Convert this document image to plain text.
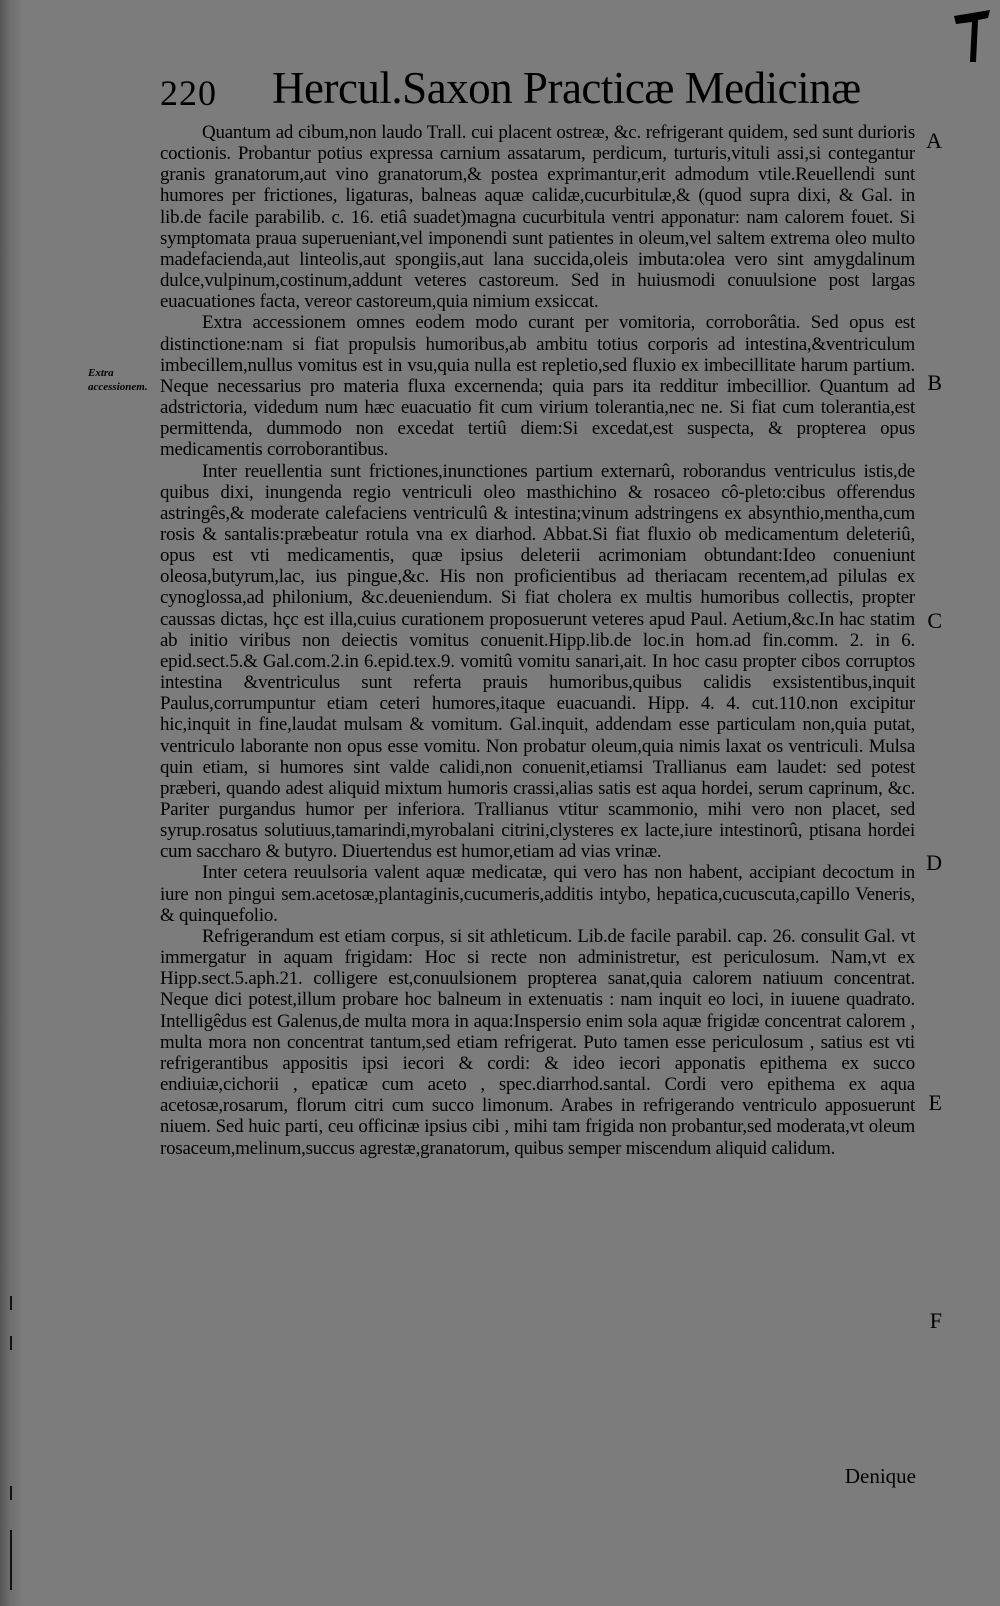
220 Hercul.Saxon Practicæ Medicinæ
Extra accessionem.
A
B
C
D
E
F

Quantum ad cibum,non laudo Trall. cui placent ostreæ, &c. refrigerant quidem, sed sunt durioris coctionis. Probantur potius expressa carnium assatarum, perdicum, turturis,vituli assi,si contegantur granis granatorum,aut vino granatorum,& postea exprimantur,erit admodum vtile.Reuellendi sunt humores per frictiones, ligaturas, balneas aquæ calidæ,cucurbitulæ,& (quod supra dixi, & Gal. in lib.de facile parabilib. c. 16. etiâ suadet)magna cucurbitula ventri apponatur: nam calorem fouet. Si symptomata praua superueniant,vel imponendi sunt patientes in oleum,vel saltem extrema oleo multo madefacienda,aut linteolis,aut spongiis,aut lana succida,oleis imbuta:olea vero sint amygdalinum dulce,vulpinum,costinum,addunt veteres castoreum. Sed in huiusmodi conuulsione post largas euacuationes facta, vereor castoreum,quia nimium exsiccat.

Extra accessionem omnes eodem modo curant per vomitoria, corroborâtia. Sed opus est distinctione:nam si fiat propulsis humoribus,ab ambitu totius corporis ad intestina,&ventriculum imbecillem,nullus vomitus est in vsu,quia nulla est repletio,sed fluxio ex imbecillitate harum partium. Neque necessarius pro materia fluxa excernenda; quia pars ita redditur imbecillior. Quantum ad adstrictoria, videdum num hæc euacuatio fit cum virium tolerantia,nec ne. Si fiat cum tolerantia,est permittenda, dummodo non excedat tertiû diem:Si excedat,est suspecta, & propterea opus medicamentis corroborantibus.

Inter reuellentia sunt frictiones,inunctiones partium externarû, roborandus ventriculus istis,de quibus dixi, inungenda regio ventriculi oleo masthichino & rosaceo cô-pleto:cibus offerendus astringês,& moderate calefaciens ventriculû & intestina;vinum adstringens ex absynthio,mentha,cum rosis & santalis:præbeatur rotula vna ex diarhod. Abbat.Si fiat fluxio ob medicamentum deleteriû, opus est vti medicamentis, quæ ipsius deleterii acrimoniam obtundant:Ideo conueniunt oleosa,butyrum,lac, ius pingue,&c. His non proficientibus ad theriacam recentem,ad pilulas ex cynoglossa,ad philonium, &c.deueniendum. Si fiat cholera ex multis humoribus collectis, propter caussas dictas, hçc est illa,cuius curationem proposuerunt veteres apud Paul. Aetium,&c.In hac statim ab initio viribus non deiectis vomitus conuenit.Hipp.lib.de loc.in hom.ad fin.comm. 2. in 6. epid.sect.5.& Gal.com.2.in 6.epid.tex.9. vomitû vomitu sanari,ait. In hoc casu propter cibos corruptos intestina &ventriculus sunt referta prauis humoribus,quibus calidis exsistentibus,inquit Paulus,corrumpuntur etiam ceteri humores,itaque euacuandi. Hipp. 4. 4. cut.110.non excipitur hic,inquit in fine,laudat mulsam & vomitum. Gal.inquit, addendam esse particulam non,quia putat, ventriculo laborante non opus esse vomitu. Non probatur oleum,quia nimis laxat os ventriculi. Mulsa quin etiam, si humores sint valde calidi,non conuenit,etiamsi Trallianus eam laudet: sed potest præberi, quando adest aliquid mixtum humoris crassi,alias satis est aqua hordei, serum caprinum, &c. Pariter purgandus humor per inferiora. Trallianus vtitur scammonio, mihi vero non placet, sed syrup.rosatus solutiuus,tamarindi,myrobalani citrini,clysteres ex lacte,iure intestinorû, ptisana hordei cum saccharo & butyro. Diuertendus est humor,etiam ad vias vrinæ.

Inter cetera reuulsoria valent aquæ medicatæ, qui vero has non habent, accipiant decoctum in iure non pingui sem.acetosæ,plantaginis,cucumeris,additis intybo, hepatica,cucuscuta,capillo Veneris, & quinquefolio.

Refrigerandum est etiam corpus, si sit athleticum. Lib.de facile parabil. cap. 26. consulit Gal. vt immergatur in aquam frigidam: Hoc si recte non administretur, est periculosum. Nam,vt ex Hipp.sect.5.aph.21. colligere est,conuulsionem propterea sanat,quia calorem natiuum concentrat. Neque dici potest,illum probare hoc balneum in extenuatis : nam inquit eo loci, in iuuene quadrato. Intelligêdus est Galenus,de multa mora in aqua:Inspersio enim sola aquæ frigidæ concentrat calorem , multa mora non concentrat tantum,sed etiam refrigerat. Puto tamen esse periculosum , satius est vti refrigerantibus appositis ipsi iecori & cordi: & ideo iecori apponatis epithema ex succo endiuiæ,cichorii , epaticæ cum aceto , spec.diarrhod.santal. Cordi vero epithema ex aqua acetosæ,rosarum, florum citri cum succo limonum. Arabes in refrigerando ventriculo apposuerunt niuem. Sed huic parti, ceu officinæ ipsius cibi , mihi tam frigida non probantur,sed moderata,vt oleum rosaceum,melinum,succus agrestæ,granatorum, quibus semper miscendum aliquid calidum.

Denique
